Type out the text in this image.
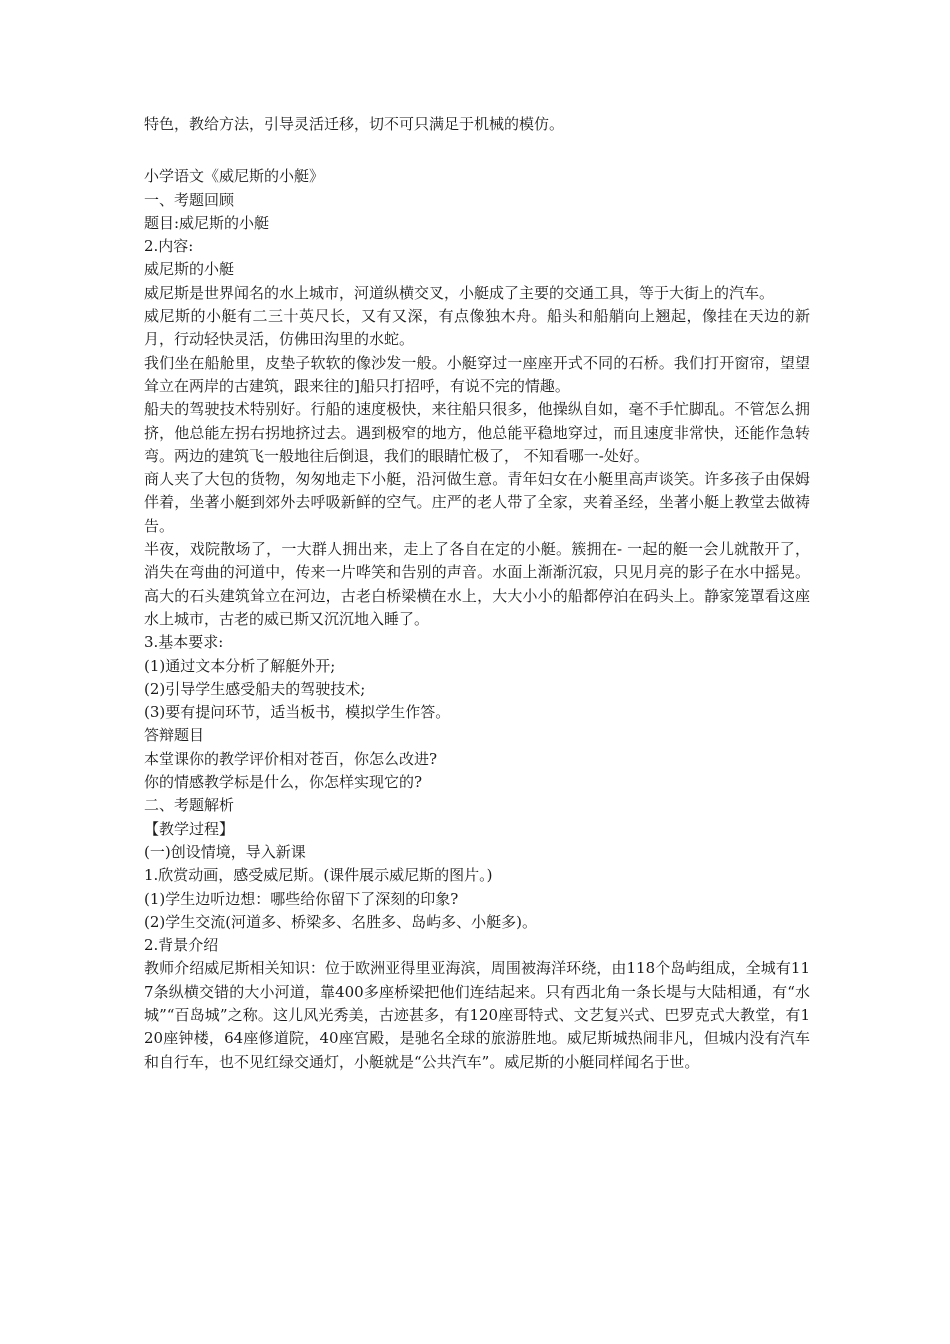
特色，教给方法，引导灵活迁移，切不可只满足于机械的模仿。

小学语文《威尼斯的小艇》

一、考题回顾

题目:威尼斯的小艇

2.内容:

威尼斯的小艇

威尼斯是世界闻名的水上城市，河道纵横交叉，小艇成了主要的交通工具，等于大街上的汽车。

威尼斯的小艇有二三十英尺长，又有又深，有点像独木舟。船头和船艄向上翘起，像挂在天边的新月，行动轻快灵活，仿佛田沟里的水蛇。

我们坐在船舱里，皮垫子软软的像沙发一般。小艇穿过一座座开式不同的石桥。我们打开窗帘，望望耸立在两岸的古建筑，跟来往的]船只打招呼，有说不完的情趣。

船夫的驾驶技术特别好。行船的速度极快，来往船只很多，他操纵自如，毫不手忙脚乱。不管怎么拥挤，他总能左拐右拐地挤过去。遇到极窄的地方，他总能平稳地穿过，而且速度非常快，还能作急转弯。两边的建筑飞一般地往后倒退，我们的眼睛忙极了， 不知看哪一-处好。

商人夹了大包的货物，匆匆地走下小艇，沿河做生意。青年妇女在小艇里高声谈笑。许多孩子由保姆伴着，坐著小艇到郊外去呼吸新鲜的空气。庄严的老人带了全家，夹着圣经，坐著小艇上教堂去做祷告。

半夜，戏院散场了，一大群人拥出来，走上了各自在定的小艇。簇拥在- 一起的艇一会儿就散开了，消失在弯曲的河道中，传来一片哗笑和告别的声音。水面上渐渐沉寂，只见月亮的影子在水中摇晃。高大的石头建筑耸立在河边，古老白桥梁横在水上，大大小小的船都停泊在码头上。静家笼罩看这座水上城市，古老的威已斯又沉沉地入睡了。

3.基本要求:

(1)通过文本分析了解艇外开;

(2)引导学生感受船夫的驾驶技术;

(3)要有提问环节，适当板书，模拟学生作答。

答辩题目

本堂课你的教学评价相对苍百，你怎么改进?

你的情感教学标是什么，你怎样实现它的?

二、考题解析

【教学过程】

(一)创设情境，导入新课

1.欣赏动画，感受威尼斯。(课件展示威尼斯的图片。)

(1)学生边听边想：哪些给你留下了深刻的印象?

(2)学生交流(河道多、桥梁多、名胜多、岛屿多、小艇多)。

2.背景介绍

教师介绍威尼斯相关知识：位于欧洲亚得里亚海滨，周围被海洋环绕，由118个岛屿组成，全城有117条纵横交错的大小河道，靠400多座桥梁把他们连结起来。只有西北角一条长堤与大陆相通，有“水城”“百岛城”之称。这儿风光秀美，古迹甚多，有120座哥特式、文艺复兴式、巴罗克式大教堂，有120座钟楼，64座修道院，40座宫殿，是驰名全球的旅游胜地。威尼斯城热闹非凡，但城内没有汽车和自行车，也不见红绿交通灯，小艇就是“公共汽车”。威尼斯的小艇同样闻名于世。
